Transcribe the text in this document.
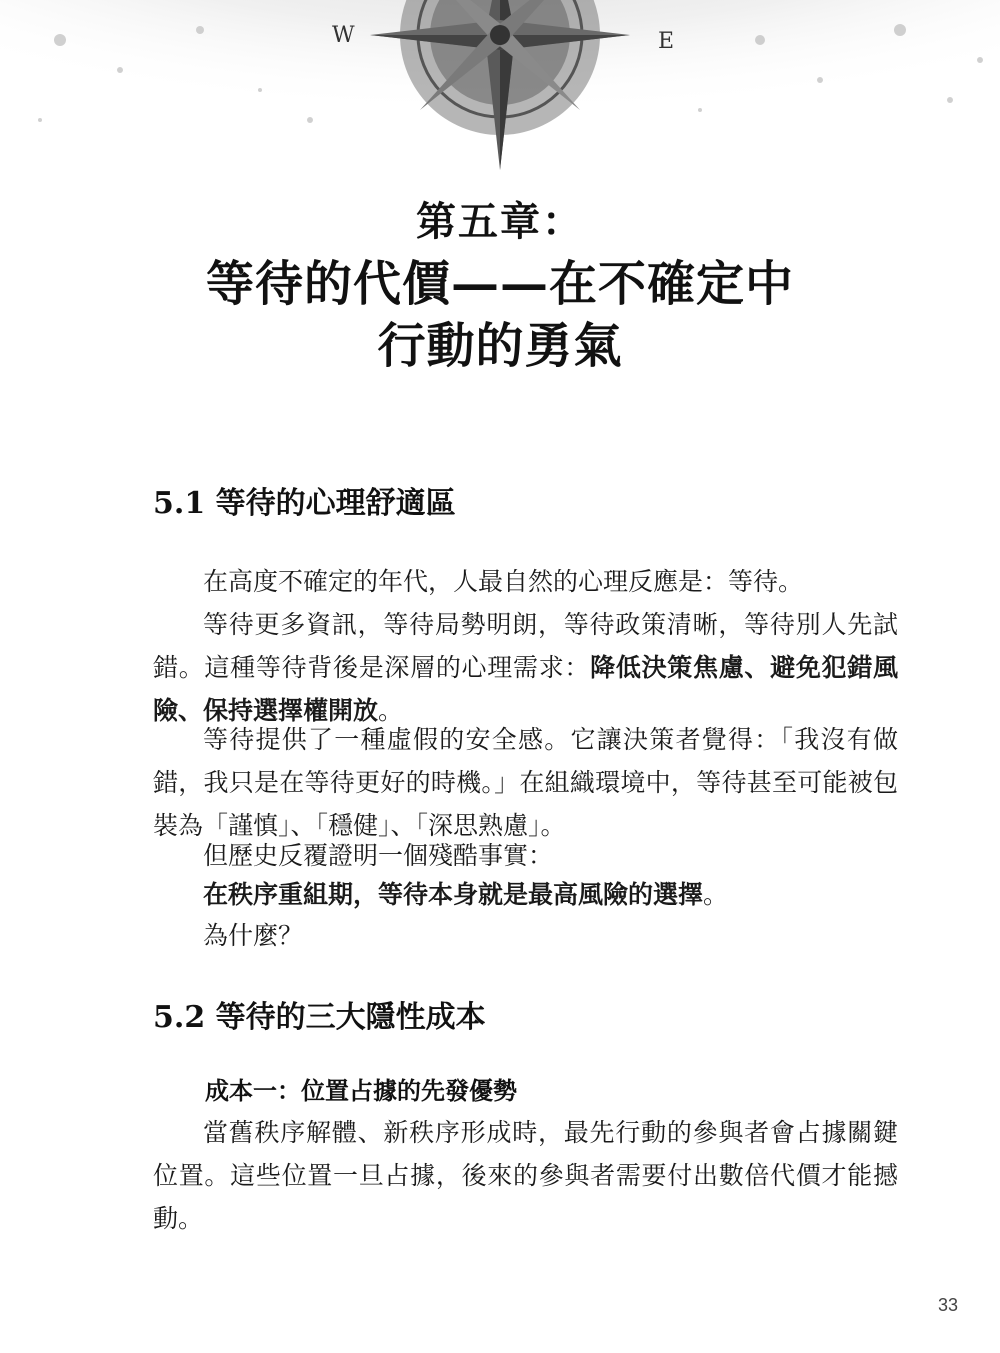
W	E
第五章：
等待的代價——在不確定中
行動的勇氣
5.1 等待的心理舒適區

在高度不確定的年代，人最自然的心理反應是：等待。

等待更多資訊，等待局勢明朗，等待政策清晰，等待別人先試錯。這種等待背後是深層的心理需求：降低決策焦慮、避免犯錯風險、保持選擇權開放。

等待提供了一種虛假的安全感。它讓決策者覺得：「我沒有做錯，我只是在等待更好的時機。」在組織環境中，等待甚至可能被包裝為「謹慎」、「穩健」、「深思熟慮」。

但歷史反覆證明一個殘酷事實：

在秩序重組期，等待本身就是最高風險的選擇。

為什麼？

5.2 等待的三大隱性成本
成本一：位置占據的先發優勢

當舊秩序解體、新秩序形成時，最先行動的參與者會占據關鍵位置。這些位置一旦占據，後來的參與者需要付出數倍代價才能撼動。

33
